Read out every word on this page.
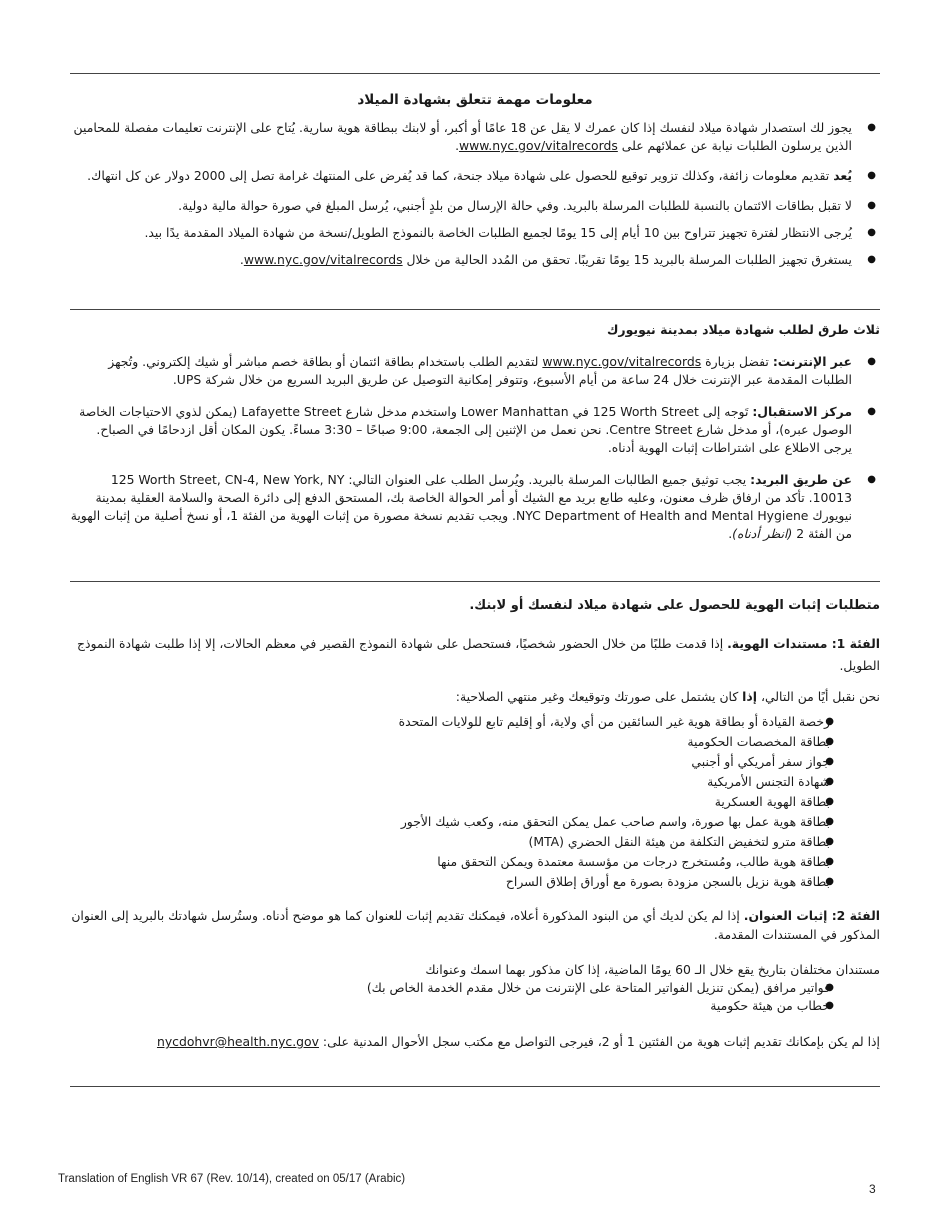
معلومات مهمة تتعلق بشهادة الميلاد
● يجوز لك استصدار شهادة ميلاد لنفسك إذا كان عمرك لا يقل عن 18 عامًا أو أكبر، أو لابنك ببطاقة هوية سارية. يُتاح على الإنترنت تعليمات مفصلة للمحامين الذين يرسلون الطلبات نيابة عن عملائهم على www.nyc.gov/vitalrecords.
● يُعد تقديم معلومات زائفة، وكذلك تزوير توقيع للحصول على شهادة ميلاد جنحة، كما قد يُفرض على المنتهك غرامة تصل إلى 2000 دولار عن كل انتهاك.
● لا تقبل بطاقات الائتمان بالنسبة للطلبات المرسلة بالبريد. وفي حالة الإرسال من بلدٍ أجنبي، يُرسل المبلغ في صورة حوالة مالية دولية.
● يُرجى الانتظار لفترة تجهيز تتراوح بين 10 أيام إلى 15 يومًا لجميع الطلبات الخاصة بالنموذج الطويل/نسخة من شهادة الميلاد المقدمة يدًا بيد.
● يستغرق تجهيز الطلبات المرسلة بالبريد 15 يومًا تقريبًا. تحقق من المُدد الحالية من خلال www.nyc.gov/vitalrecords.
ثلاث طرق لطلب شهادة ميلاد بمدينة نيويورك
● عبر الإنترنت: تفضل بزيارة www.nyc.gov/vitalrecords لتقديم الطلب باستخدام بطاقة ائتمان أو بطاقة خصم مباشر أو شيك إلكتروني. وتُجهز الطلبات المقدمة عبر الإنترنت خلال 24 ساعة من أيام الأسبوع، وتتوفر إمكانية التوصيل عن طريق البريد السريع من خلال شركة UPS.
● مركز الاستقبال: تَوجه إلى 125 Worth Street في Lower Manhattan واستخدم مدخل شارع Lafayette Street (يمكن لذوي الاحتياجات الخاصة الوصول عبره)، أو مدخل شارع Centre Street. نحن نعمل من الإثنين إلى الجمعة، 9:00 صباحًا – 3:30 مساءً. يكون المكان أقل ازدحامًا في الصباح. يرجى الاطلاع على اشتراطات إثبات الهوية أدناه.
● عن طريق البريد: يجب توثيق جميع الطالبات المرسلة بالبريد. ويُرسل الطلب على العنوان التالي: 125 Worth Street, CN-4, New York, NY 10013. تأكد من ارفاق ظرف معنون، وعليه طابع بريد مع الشيك أو أمر الحوالة الخاصة بك، المستحق الدفع إلى دائرة الصحة والسلامة العقلية بمدينة نيويورك NYC Department of Health and Mental Hygiene. ويجب تقديم نسخة مصورة من إثبات الهوية من الفئة 1، أو نسخ أصلية من إثبات الهوية من الفئة 2 (انظر أدناه).
متطلبات إثبات الهوية للحصول على شهادة ميلاد لنفسك أو لابنك.

الفئة 1: مستندات الهوية. إذا قدمت طلبًا من خلال الحضور شخصيًا، فستحصل على شهادة النموذج القصير في معظم الحالات، إلا إذا طلبت شهادة النموذج الطويل.

نحن نقبل أيًا من التالي، إذا كان يشتمل على صورتك وتوقيعك وغير منتهي الصلاحية:

● رخصة القيادة أو بطاقة هوية غير السائقين من أي ولاية، أو إقليم تابع للولايات المتحدة
● بطاقة المخصصات الحكومية
● جواز سفر أمريكي أو أجنبي
● شهادة التجنس الأمريكية
● بطاقة الهوية العسكرية
● بطاقة هوية عمل بها صورة، واسم صاحب عمل يمكن التحقق منه، وكعب شيك الأجور
● بطاقة مترو لتخفيض التكلفة من هيئة النقل الحضري (MTA)
● بطاقة هوية طالب، ومُستخرج درجات من مؤسسة معتمدة ويمكن التحقق منها
● بطاقة هوية نزيل بالسجن مزودة بصورة مع أوراق إطلاق السراح

الفئة 2: إثبات العنوان. إذا لم يكن لديك أي من البنود المذكورة أعلاه، فيمكنك تقديم إثبات للعنوان كما هو موضح أدناه. وستُرسل شهادتك بالبريد إلى العنوان المذكور في المستندات المقدمة.

مستندان مختلفان بتاريخ يقع خلال الـ 60 يومًا الماضية، إذا كان مذكور بهما اسمك وعنوانك

● فواتير مرافق (يمكن تنزيل الفواتير المتاحة على الإنترنت من خلال مقدم الخدمة الخاص بك)
● خطاب من هيئة حكومية

إذا لم يكن بإمكانك تقديم إثبات هوية من الفئتين 1 أو 2، فيرجى التواصل مع مكتب سجل الأحوال المدنية على: nycdohvr@health.nyc.gov

Translation of English VR 67 (Rev. 10/14), created on 05/17 (Arabic)
3
